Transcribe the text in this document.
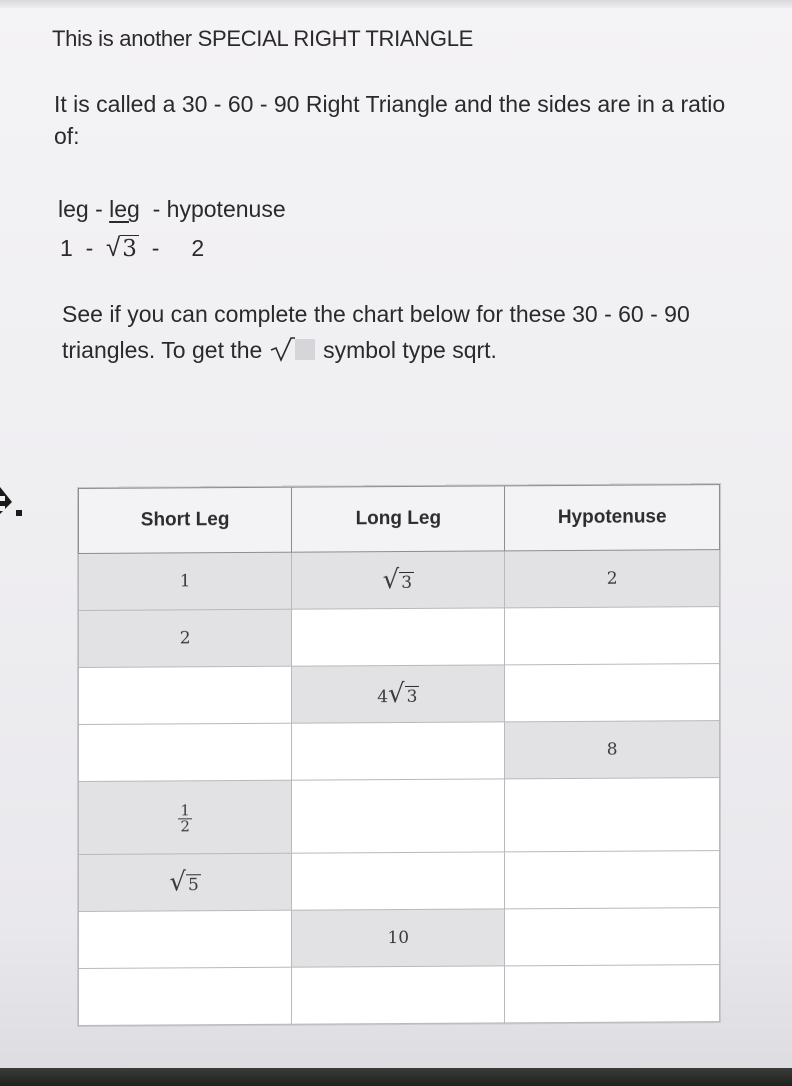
This is another SPECIAL RIGHT TRIANGLE
It is called a 30 - 60 - 90 Right Triangle and the sides are in a ratio of:
leg - leg  - hypotenuse
1  -  √3  -     2
See if you can complete the chart below for these 30 - 60 - 90 triangles. To get the
symbol type sqrt.
Short Leg	Long Leg	Hypotenuse
1	√ 3	2
2		
	4√ 3	
		8

$\frac{1}{2}$

√ 5		
	10	
